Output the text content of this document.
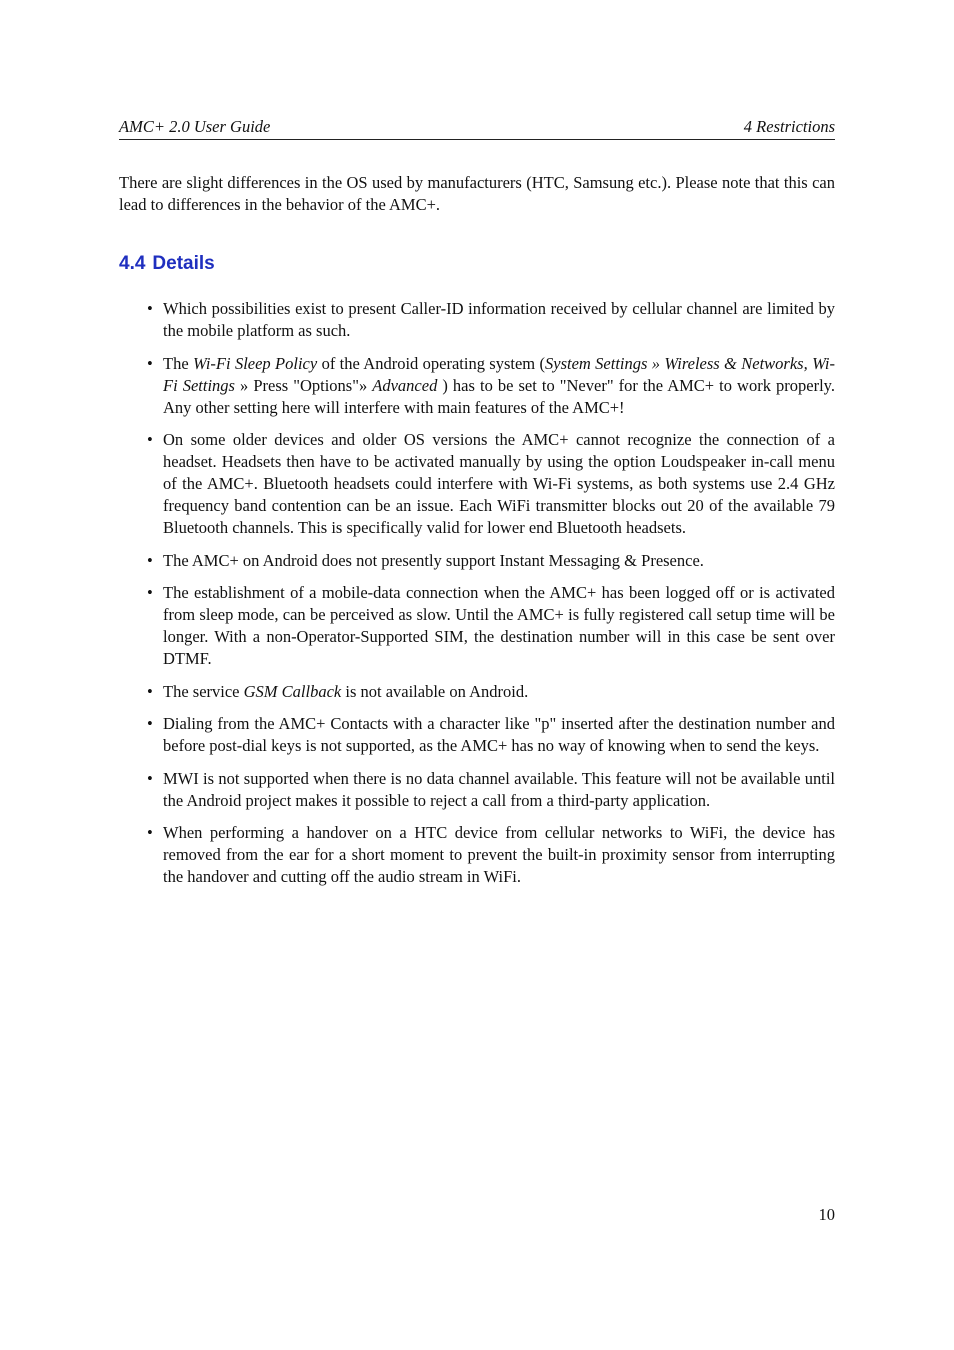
AMC+ 2.0 User Guide	4 Restrictions

There are slight differences in the OS used by manufacturers (HTC, Samsung etc.). Please note that this can lead to differences in the behavior of the AMC+.

4.4 Details
• Which possibilities exist to present Caller-ID information received by cellular channel are limited by the mobile platform as such.
• The Wi-Fi Sleep Policy of the Android operating system (System Settings » Wireless & Networks, Wi-Fi Settings » Press "Options"» Advanced ) has to be set to "Never" for the AMC+ to work properly. Any other setting here will interfere with main features of the AMC+!
• On some older devices and older OS versions the AMC+ cannot recognize the connection of a headset. Headsets then have to be activated manually by using the option Loudspeaker in-call menu of the AMC+. Bluetooth headsets could interfere with Wi-Fi systems, as both systems use 2.4 GHz frequency band contention can be an issue. Each WiFi transmitter blocks out 20 of the available 79 Bluetooth channels. This is specifically valid for lower end Bluetooth headsets.
• The AMC+ on Android does not presently support Instant Messaging & Presence.
• The establishment of a mobile-data connection when the AMC+ has been logged off or is activated from sleep mode, can be perceived as slow. Until the AMC+ is fully registered call setup time will be longer. With a non-Operator-Supported SIM, the destination number will in this case be sent over DTMF.
• The service GSM Callback is not available on Android.
• Dialing from the AMC+ Contacts with a character like "p" inserted after the destination number and before post-dial keys is not supported, as the AMC+ has no way of knowing when to send the keys.
• MWI is not supported when there is no data channel available. This feature will not be available until the Android project makes it possible to reject a call from a third-party application.
• When performing a handover on a HTC device from cellular networks to WiFi, the device has removed from the ear for a short moment to prevent the built-in proximity sensor from interrupting the handover and cutting off the audio stream in WiFi.
10
